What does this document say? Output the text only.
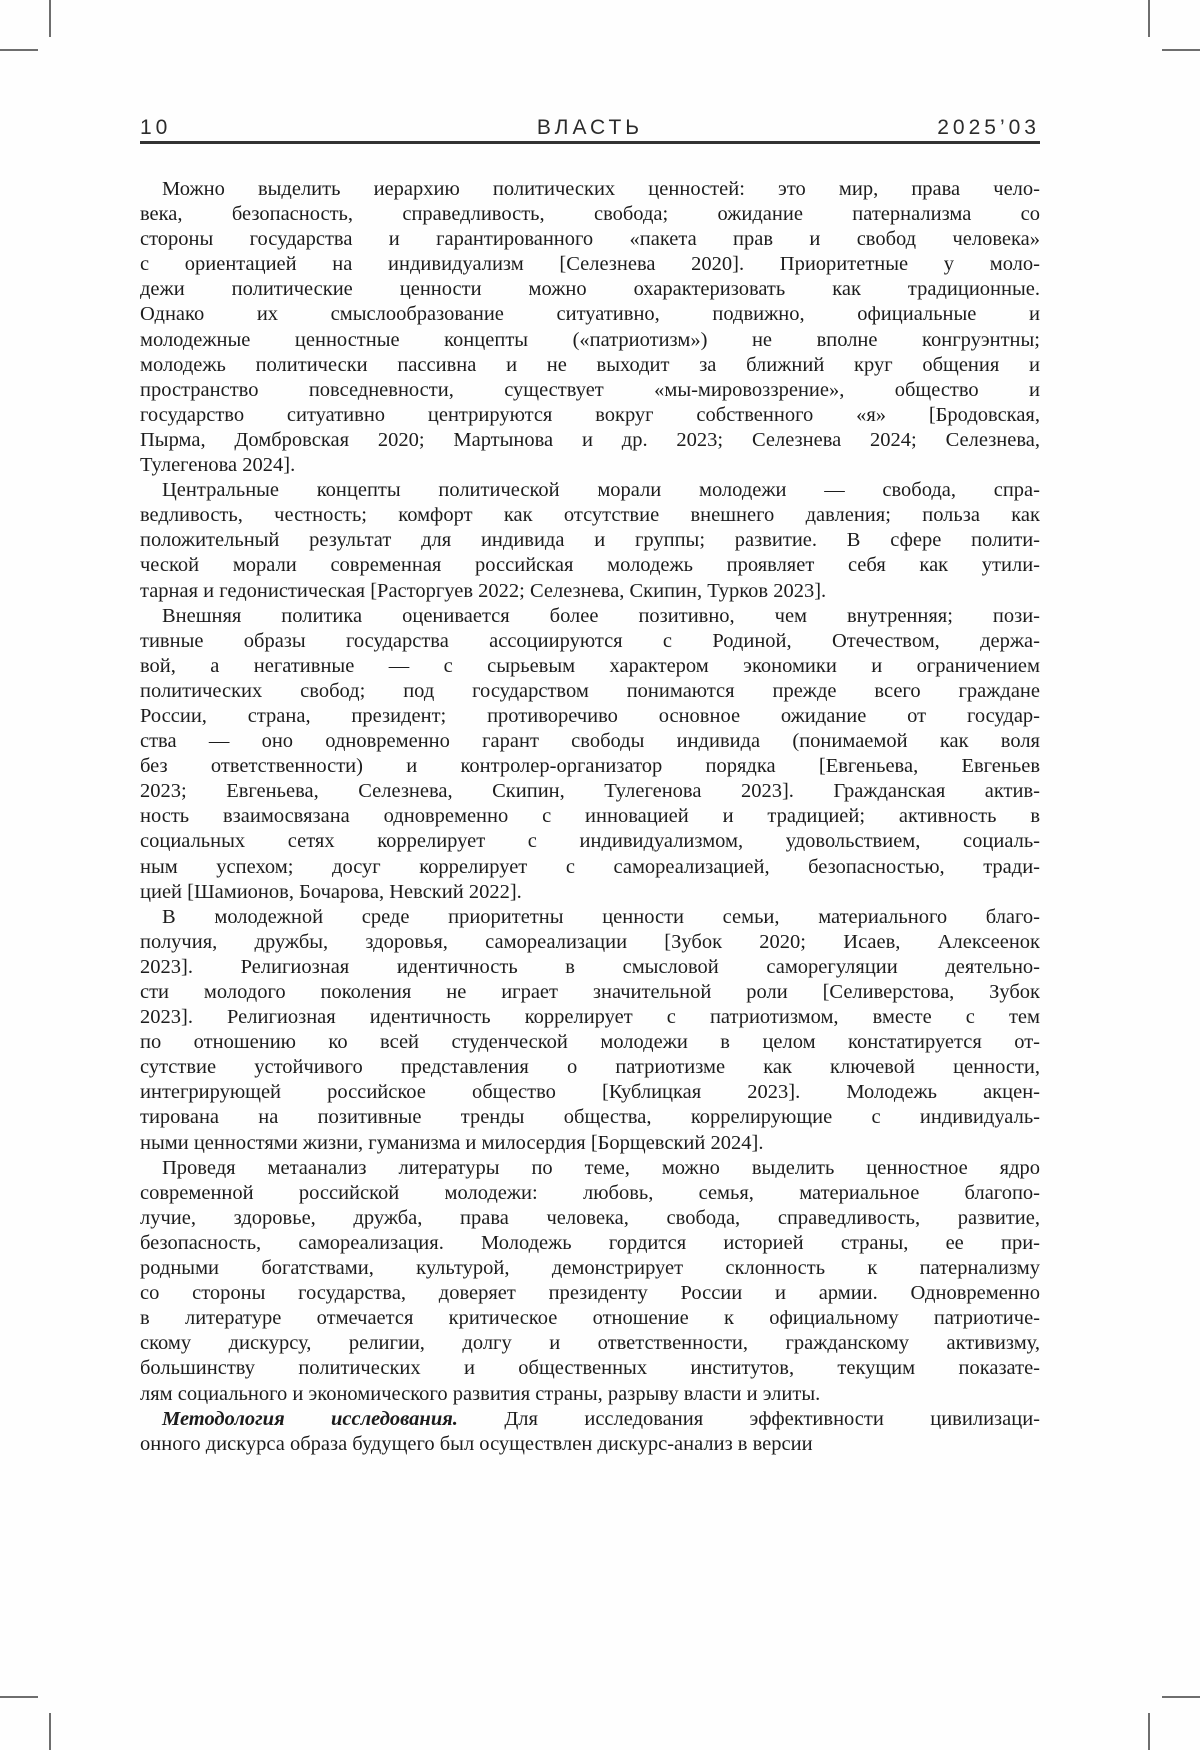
10	ВЛАСТЬ	2025’03
Можно выделить иерархию политических ценностей: это мир, права чело-
века, безопасность, справедливость, свобода; ожидание патернализма со
стороны государства и гарантированного «пакета прав и свобод человека»
с ориентацией на индивидуализм [Селезнева 2020]. Приоритетные у моло-
дежи политические ценности можно охарактеризовать как традиционные.
Однако их смыслообразование ситуативно, подвижно, официальные и
молодежные ценностные концепты («патриотизм») не вполне конгруэнтны;
молодежь политически пассивна и не выходит за ближний круг общения и
пространство повседневности, существует «мы-мировоззрение», общество и
государство ситуативно центрируются вокруг собственного «я» [Бродовская,
Пырма, Домбровская 2020; Мартынова и др. 2023; Селезнева 2024; Селезнева,
Тулегенова 2024].
Центральные концепты политической морали молодежи — свобода, спра-
ведливость, честность; комфорт как отсутствие внешнего давления; польза как
положительный результат для индивида и группы; развитие. В сфере полити-
ческой морали современная российская молодежь проявляет себя как утили-
тарная и гедонистическая [Расторгуев 2022; Селезнева, Скипин, Турков 2023].
Внешняя политика оценивается более позитивно, чем внутренняя; пози-
тивные образы государства ассоциируются с Родиной, Отечеством, держа-
вой, а негативные — с сырьевым характером экономики и ограничением
политических свобод; под государством понимаются прежде всего граждане
России, страна, президент; противоречиво основное ожидание от государ-
ства — оно одновременно гарант свободы индивида (понимаемой как воля
без ответственности) и контролер-организатор порядка [Евгеньева, Евгеньев
2023; Евгеньева, Селезнева, Скипин, Тулегенова 2023]. Гражданская актив-
ность взаимосвязана одновременно с инновацией и традицией; активность в
социальных сетях коррелирует с индивидуализмом, удовольствием, социаль-
ным успехом; досуг коррелирует с самореализацией, безопасностью, тради-
цией [Шамионов, Бочарова, Невский 2022].
В молодежной среде приоритетны ценности семьи, материального благо-
получия, дружбы, здоровья, самореализации [Зубок 2020; Исаев, Алексеенок
2023]. Религиозная идентичность в смысловой саморегуляции деятельно-
сти молодого поколения не играет значительной роли [Селиверстова, Зубок
2023]. Религиозная идентичность коррелирует с патриотизмом, вместе с тем
по отношению ко всей студенческой молодежи в целом констатируется от-
сутствие устойчивого представления о патриотизме как ключевой ценности,
интегрирующей российское общество [Кублицкая 2023]. Молодежь акцен-
тирована на позитивные тренды общества, коррелирующие с индивидуаль-
ными ценностями жизни, гуманизма и милосердия [Борщевский 2024].
Проведя метаанализ литературы по теме, можно выделить ценностное ядро
современной российской молодежи: любовь, семья, материальное благопо-
лучие, здоровье, дружба, права человека, свобода, справедливость, развитие,
безопасность, самореализация. Молодежь гордится историей страны, ее при-
родными богатствами, культурой, демонстрирует склонность к патернализму
со стороны государства, доверяет президенту России и армии. Одновременно
в литературе отмечается критическое отношение к официальному патриотиче-
скому дискурсу, религии, долгу и ответственности, гражданскому активизму,
большинству политических и общественных институтов, текущим показате-
лям социального и экономического развития страны, разрыву власти и элиты.
Методология исследования. Для исследования эффективности цивилизаци-
онного дискурса образа будущего был осуществлен дискурс-анализ в версии
